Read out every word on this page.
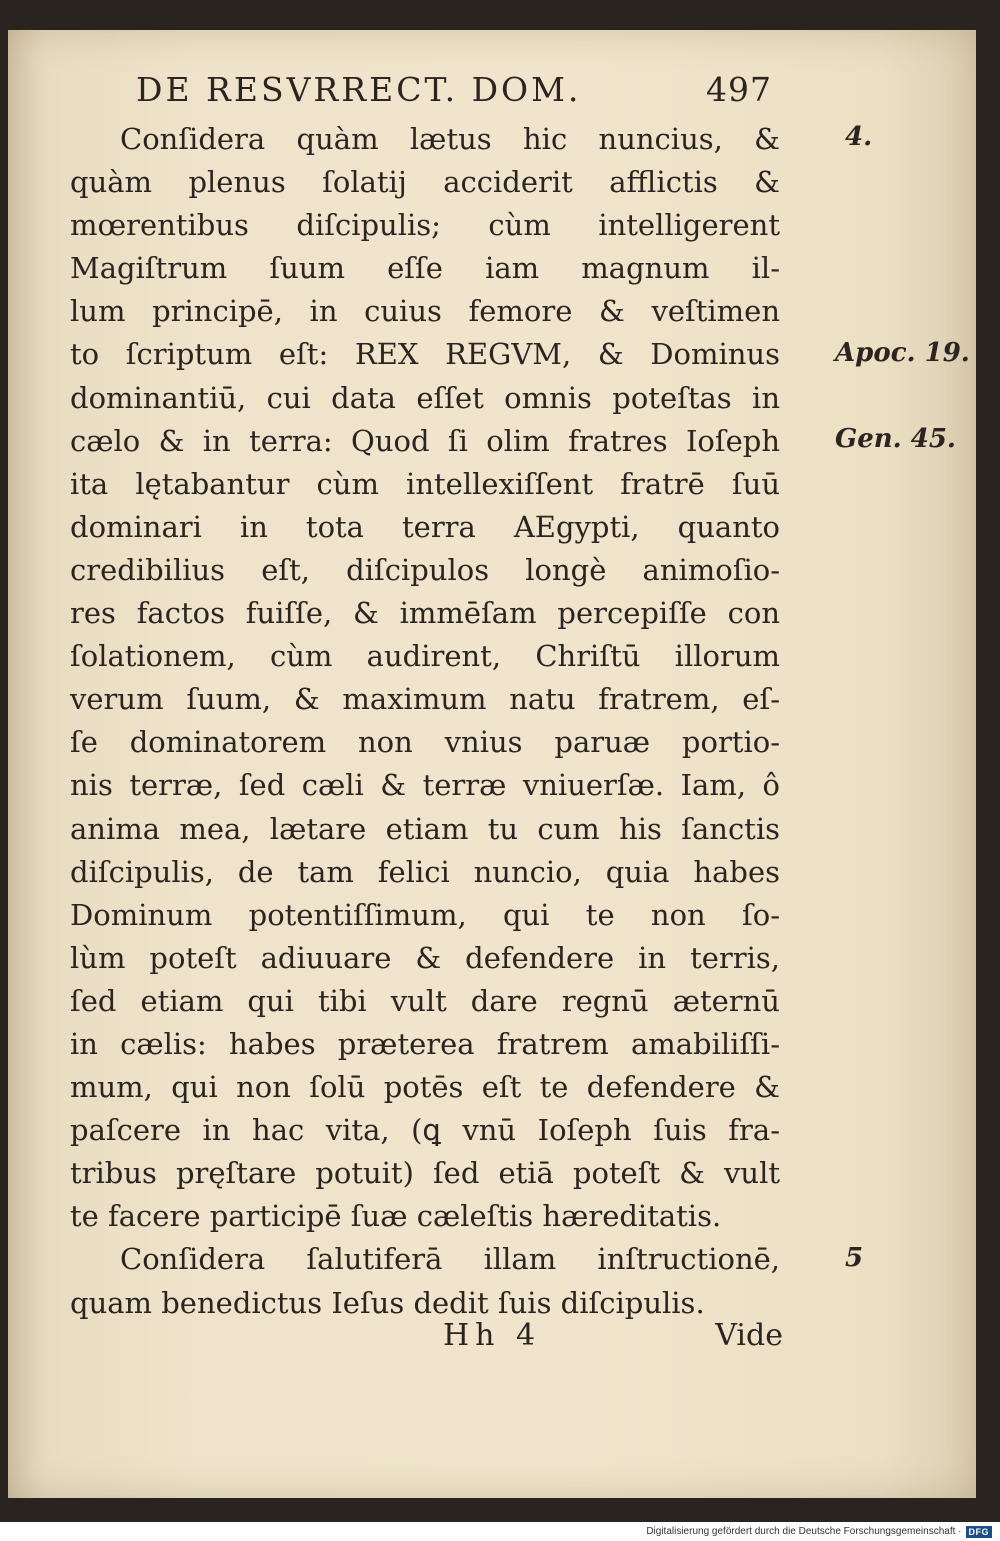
DE RESVRRECT. DOM.	497
Conſidera quàm lætus hic nuncius, &
quàm plenus ſolatij acciderit afflictis &
mœrentibus diſcipulis; cùm intelligerent
Magiſtrum ſuum eſſe iam magnum il-
lum principē, in cuius femore & veſtimen
to ſcriptum eſt: REX REGVM, & Dominus
dominantiū, cui data eſſet omnis poteſtas in
cælo & in terra: Quod ſi olim fratres Ioſeph
ita lętabantur cùm intellexiſſent fratrē ſuū
dominari in tota terra AEgypti, quanto
credibilius eſt, diſcipulos longè animoſio-
res factos fuiſſe, & immēſam percepiſſe con
ſolationem, cùm audirent, Chriſtū illorum
verum ſuum, & maximum natu fratrem, eſ-
ſe dominatorem non vnius paruæ portio-
nis terræ, ſed cæli & terræ vniuerſæ. Iam, ô
anima mea, lætare etiam tu cum his ſanctis
diſcipulis, de tam felici nuncio, quia habes
Dominum potentiſſimum, qui te non ſo-
lùm poteſt adiuuare & defendere in terris,
ſed etiam qui tibi vult dare regnū æternū
in cælis: habes præterea fratrem amabiliſſi-
mum, qui non ſolū potēs eſt te defendere &
paſcere in hac vita, (ꝗ vnū Ioſeph ſuis fra-
tribus pręſtare potuit) ſed etiā poteſt & vult
te facere participē ſuæ cæleſtis hæreditatis.
Conſidera ſalutiferā illam inſtructionē,
quam benedictus Ieſus dedit ſuis diſcipulis.
4.
Apoc. 19.
Gen. 45.
5
Hh 4	Vide
Digitalisierung gefördert durch die Deutsche Forschungsgemeinschaft · DFG
